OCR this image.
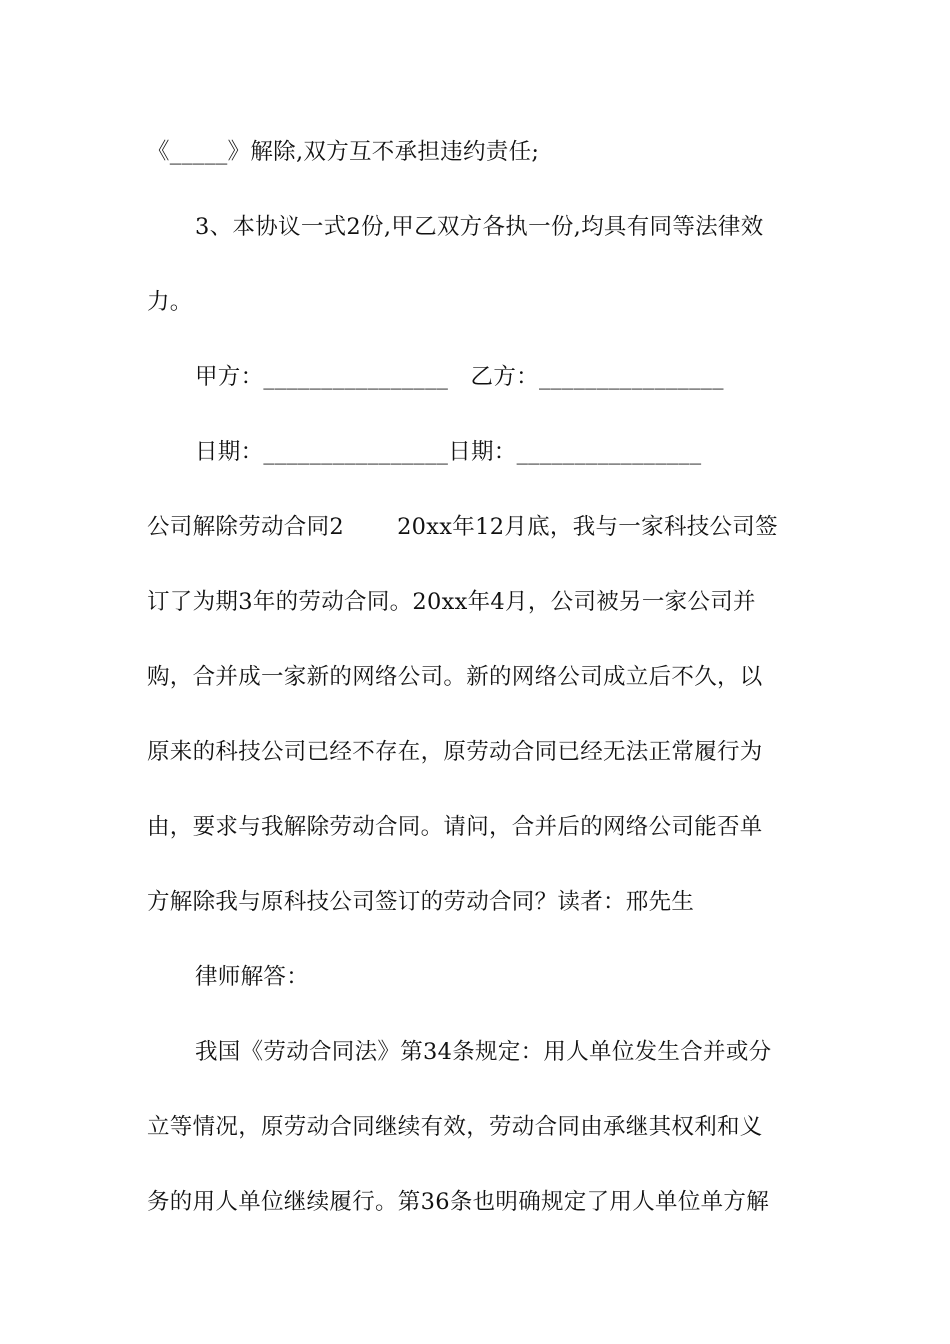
《_____》解除,双方互不承担违约责任;

3、本协议一式2份,甲乙双方各执一份,均具有同等法律效

力。

甲方：________________   乙方：________________

日期：________________日期：________________

公司解除劳动合同2　　 20xx年12月底，我与一家科技公司签

订了为期3年的劳动合同。20xx年4月，公司被另一家公司并

购，合并成一家新的网络公司。新的网络公司成立后不久，以

原来的科技公司已经不存在，原劳动合同已经无法正常履行为

由，要求与我解除劳动合同。请问，合并后的网络公司能否单

方解除我与原科技公司签订的劳动合同？读者：邢先生

律师解答：

我国《劳动合同法》第34条规定：用人单位发生合并或分

立等情况，原劳动合同继续有效，劳动合同由承继其权利和义

务的用人单位继续履行。第36条也明确规定了用人单位单方解
